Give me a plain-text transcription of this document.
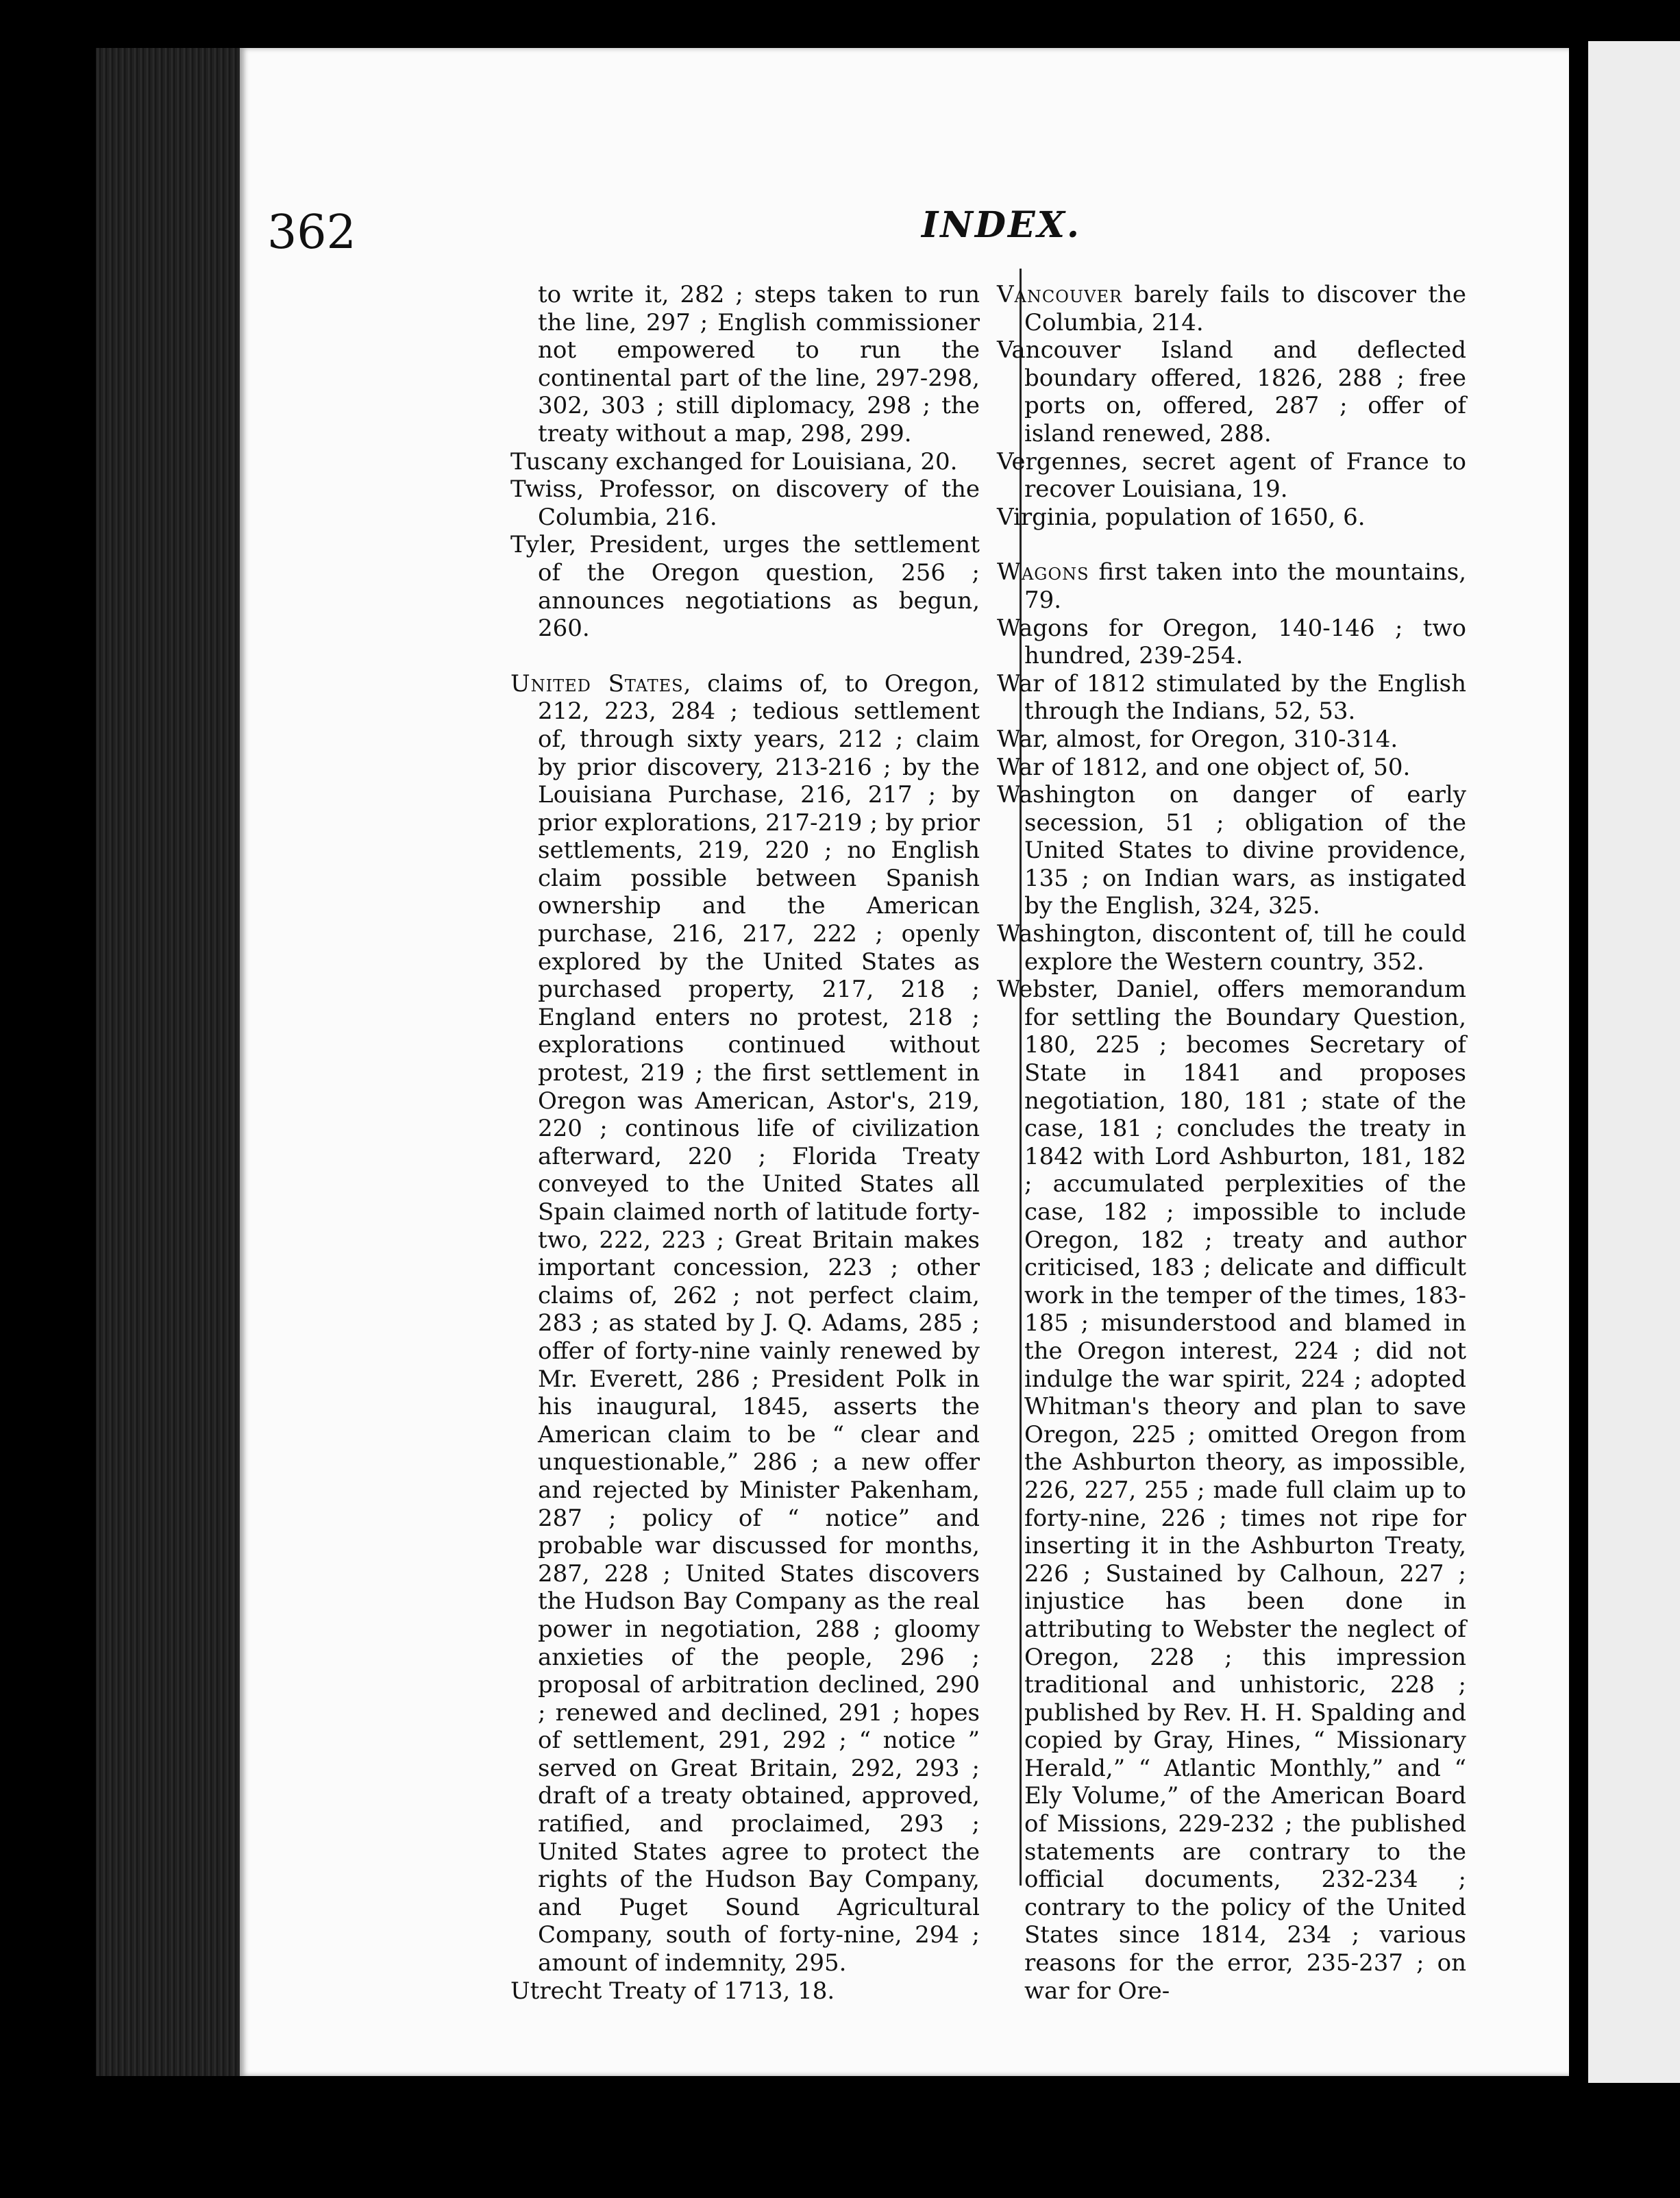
362	INDEX.

to write it, 282 ; steps taken to run the line, 297 ; English commissioner not empowered to run the continental part of the line, 297-298, 302, 303 ; still diplomacy, 298 ; the treaty without a map, 298, 299.

Tuscany exchanged for Louisiana, 20.

Twiss, Professor, on discovery of the Columbia, 216.

Tyler, President, urges the settlement of the Oregon question, 256 ; announces negotiations as begun, 260.

United States, claims of, to Oregon, 212, 223, 284 ; tedious settlement of, through sixty years, 212 ; claim by prior discovery, 213-216 ; by the Louisiana Purchase, 216, 217 ; by prior explorations, 217-219 ; by prior settlements, 219, 220 ; no English claim possible between Spanish ownership and the American purchase, 216, 217, 222 ; openly explored by the United States as purchased property, 217, 218 ; England enters no protest, 218 ; explorations continued without protest, 219 ; the first settlement in Oregon was American, Astor's, 219, 220 ; continous life of civilization afterward, 220 ; Florida Treaty conveyed to the United States all Spain claimed north of latitude forty-two, 222, 223 ; Great Britain makes important concession, 223 ; other claims of, 262 ; not perfect claim, 283 ; as stated by J. Q. Adams, 285 ; offer of forty-nine vainly renewed by Mr. Everett, 286 ; President Polk in his inaugural, 1845, asserts the American claim to be “ clear and unquestionable,” 286 ; a new offer and rejected by Minister Pakenham, 287 ; policy of “ notice” and probable war discussed for months, 287, 228 ; United States discovers the Hudson Bay Company as the real power in negotiation, 288 ; gloomy anxieties of the people, 296 ; proposal of arbitration declined, 290 ; renewed and declined, 291 ; hopes of settlement, 291, 292 ; “ notice ” served on Great Britain, 292, 293 ; draft of a treaty obtained, approved, ratified, and proclaimed, 293 ; United States agree to protect the rights of the Hudson Bay Company, and Puget Sound Agricultural Company, south of forty-nine, 294 ; amount of indemnity, 295.

Utrecht Treaty of 1713, 18.

Vancouver barely fails to discover the Columbia, 214.

Vancouver Island and deflected boundary offered, 1826, 288 ; free ports on, offered, 287 ; offer of island renewed, 288.

Vergennes, secret agent of France to recover Louisiana, 19.

Virginia, population of 1650, 6.

Wagons first taken into the mountains, 79.

Wagons for Oregon, 140-146 ; two hundred, 239-254.

War of 1812 stimulated by the English through the Indians, 52, 53.

War, almost, for Oregon, 310-314.

War of 1812, and one object of, 50.

Washington on danger of early secession, 51 ; obligation of the United States to divine providence, 135 ; on Indian wars, as instigated by the English, 324, 325.

Washington, discontent of, till he could explore the Western country, 352.

Webster, Daniel, offers memorandum for settling the Boundary Question, 180, 225 ; becomes Secretary of State in 1841 and proposes negotiation, 180, 181 ; state of the case, 181 ; concludes the treaty in 1842 with Lord Ashburton, 181, 182 ; accumulated perplexities of the case, 182 ; impossible to include Oregon, 182 ; treaty and author criticised, 183 ; delicate and difficult work in the temper of the times, 183-185 ; misunderstood and blamed in the Oregon interest, 224 ; did not indulge the war spirit, 224 ; adopted Whitman's theory and plan to save Oregon, 225 ; omitted Oregon from the Ashburton theory, as impossible, 226, 227, 255 ; made full claim up to forty-nine, 226 ; times not ripe for inserting it in the Ashburton Treaty, 226 ; Sustained by Calhoun, 227 ; injustice has been done in attributing to Webster the neglect of Oregon, 228 ; this impression traditional and unhistoric, 228 ; published by Rev. H. H. Spalding and copied by Gray, Hines, “ Missionary Herald,” “ Atlantic Monthly,” and “ Ely Volume,” of the American Board of Missions, 229-232 ; the published statements are contrary to the official documents, 232-234 ; contrary to the policy of the United States since 1814, 234 ; various reasons for the error, 235-237 ; on war for Ore-
